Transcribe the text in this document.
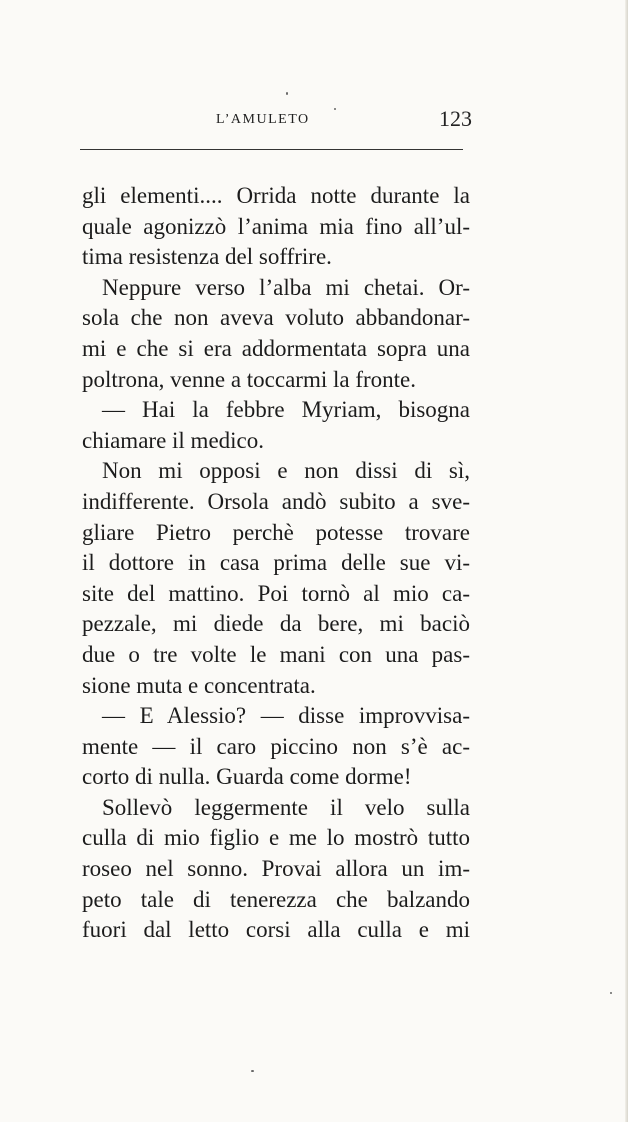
L’AMULETO	123
gli elementi.... Orrida notte durante la
quale agonizzò l’anima mia fino all’ul-
tima resistenza del soffrire.
Neppure verso l’alba mi chetai. Or-
sola che non aveva voluto abbandonar-
mi e che si era addormentata sopra una
poltrona, venne a toccarmi la fronte.
— Hai la febbre Myriam, bisogna
chiamare il medico.
Non mi opposi e non dissi di sì,
indifferente. Orsola andò subito a sve-
gliare Pietro perchè potesse trovare
il dottore in casa prima delle sue vi-
site del mattino. Poi tornò al mio ca-
pezzale, mi diede da bere, mi baciò
due o tre volte le mani con una pas-
sione muta e concentrata.
— E Alessio? — disse improvvisa-
mente — il caro piccino non s’è ac-
corto di nulla. Guarda come dorme!
Sollevò leggermente il velo sulla
culla di mio figlio e me lo mostrò tutto
roseo nel sonno. Provai allora un im-
peto tale di tenerezza che balzando
fuori dal letto corsi alla culla e mi
